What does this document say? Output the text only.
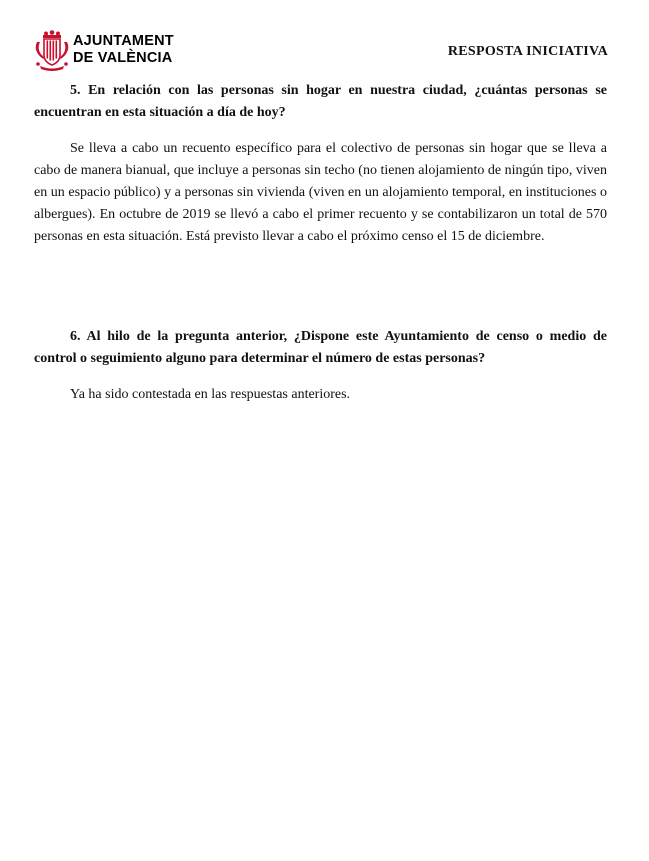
AJUNTAMENT
DE VALÈNCIA	RESPOSTA INICIATIVA

5. En relación con las personas sin hogar en nuestra ciudad, ¿cuántas personas se encuentran en esta situación a día de hoy?

Se lleva a cabo un recuento específico para el colectivo de personas sin hogar que se lleva a cabo de manera bianual, que incluye a personas sin techo (no tienen alojamiento de ningún tipo, viven en un espacio público) y a personas sin vivienda (viven en un alojamiento temporal, en instituciones o albergues). En octubre de 2019 se llevó a cabo el primer recuento y se contabilizaron un total de 570 personas en esta situación. Está previsto llevar a cabo el próximo censo el 15 de diciembre.

6. Al hilo de la pregunta anterior, ¿Dispone este Ayuntamiento de censo o medio de control o seguimiento alguno para determinar el número de estas personas?

Ya ha sido contestada en las respuestas anteriores.
